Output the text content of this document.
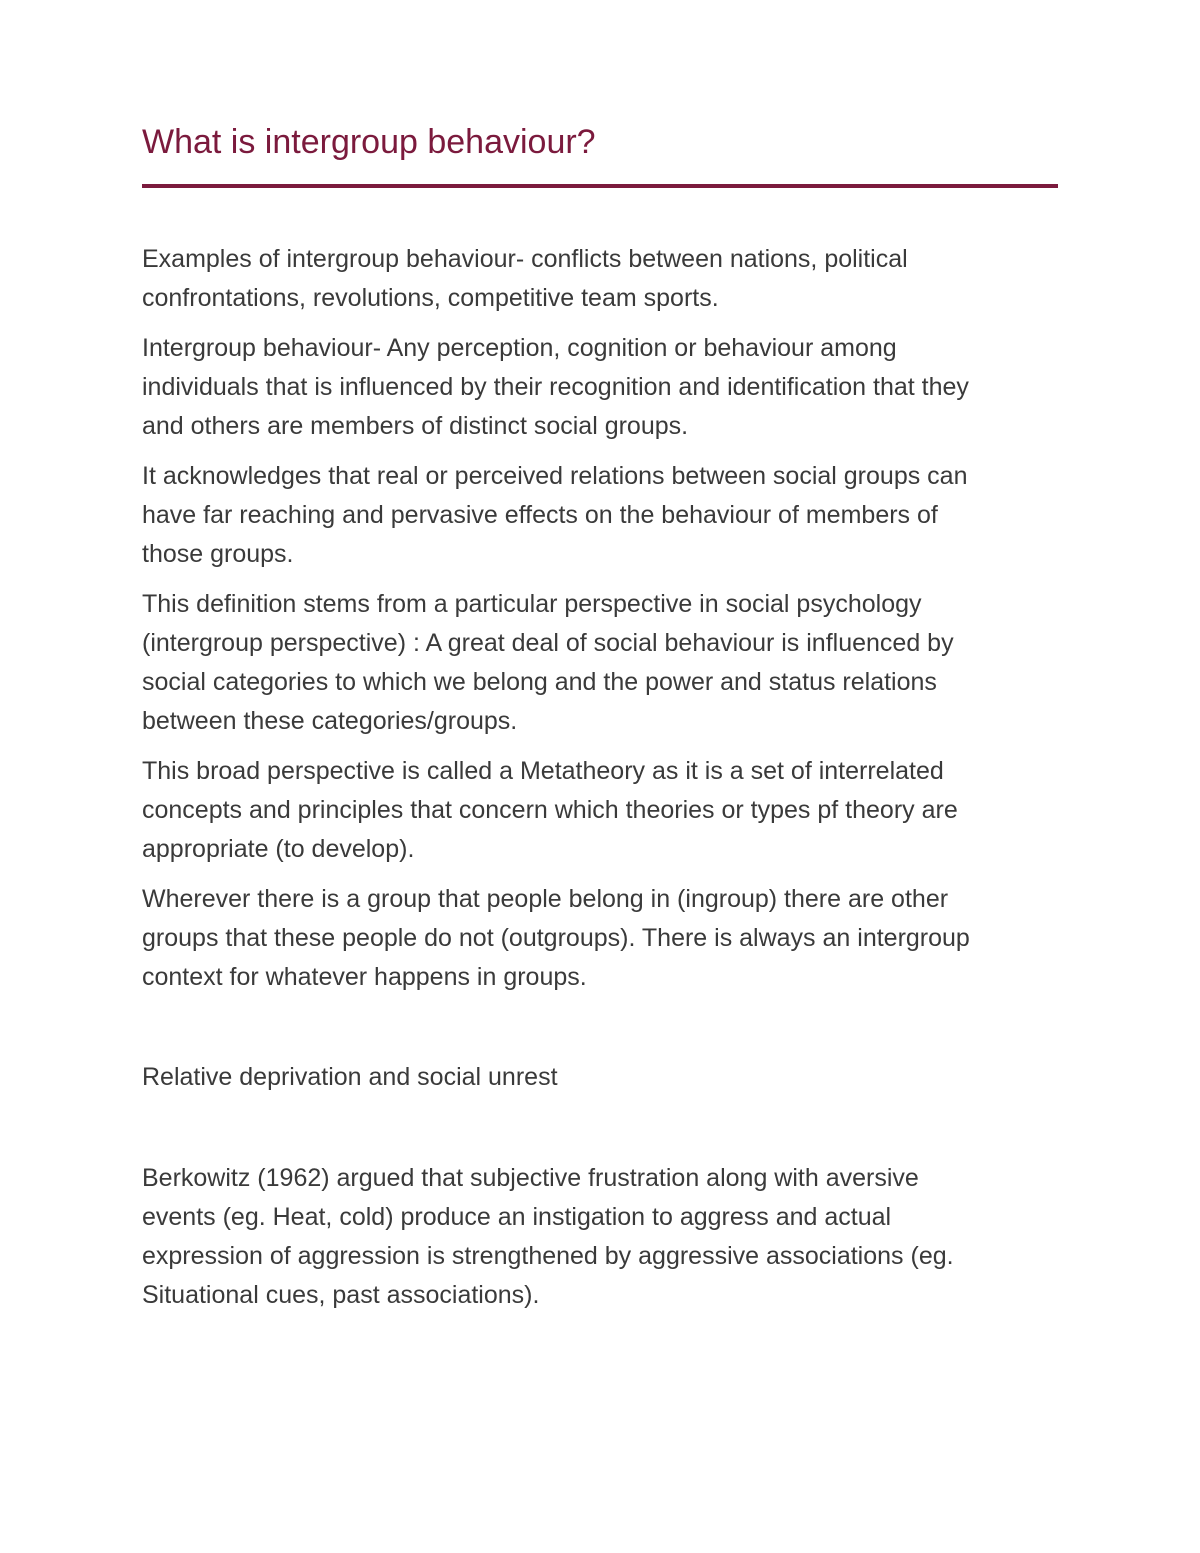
What is intergroup behaviour?

Examples of intergroup behaviour- conflicts between nations, political
confrontations, revolutions, competitive team sports.

Intergroup behaviour- Any perception, cognition or behaviour among
individuals that is influenced by their recognition and identification that they
and others are members of distinct social groups.

It acknowledges that real or perceived relations between social groups can
have far reaching and pervasive effects on the behaviour of members of
those groups.

This definition stems from a particular perspective in social psychology
(intergroup perspective) : A great deal of social behaviour is influenced by
social categories to which we belong and the power and status relations
between these categories/groups.

This broad perspective is called a Metatheory as it is a set of interrelated
concepts and principles that concern which theories or types pf theory are
appropriate (to develop).

Wherever there is a group that people belong in (ingroup) there are other
groups that these people do not (outgroups). There is always an intergroup
context for whatever happens in groups.

Relative deprivation and social unrest

Berkowitz (1962) argued that subjective frustration along with aversive
events (eg. Heat, cold) produce an instigation to aggress and actual
expression of aggression is strengthened by aggressive associations (eg.
Situational cues, past associations).
